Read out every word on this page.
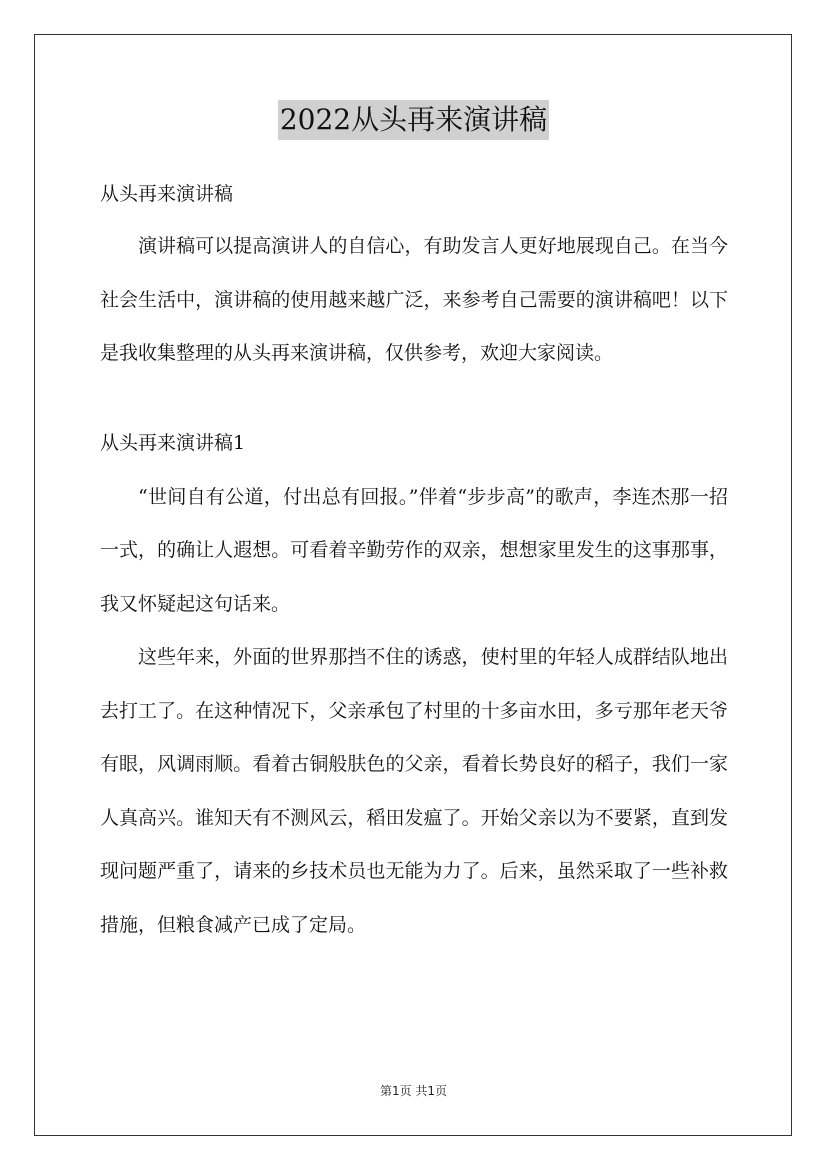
2022从头再来演讲稿

从头再来演讲稿

演讲稿可以提高演讲人的自信心，有助发言人更好地展现自己。在当今社会生活中，演讲稿的使用越来越广泛，来参考自己需要的演讲稿吧！以下是我收集整理的从头再来演讲稿，仅供参考，欢迎大家阅读。

从头再来演讲稿1

“世间自有公道，付出总有回报。”伴着“步步高”的歌声，李连杰那一招一式，的确让人遐想。可看着辛勤劳作的双亲，想想家里发生的这事那事，我又怀疑起这句话来。

这些年来，外面的世界那挡不住的诱惑，使村里的年轻人成群结队地出去打工了。在这种情况下，父亲承包了村里的十多亩水田，多亏那年老天爷有眼，风调雨顺。看着古铜般肤色的父亲，看着长势良好的稻子，我们一家人真高兴。谁知天有不测风云，稻田发瘟了。开始父亲以为不要紧，直到发现问题严重了，请来的乡技术员也无能为力了。后来，虽然采取了一些补救措施，但粮食减产已成了定局。

第1页 共1页
